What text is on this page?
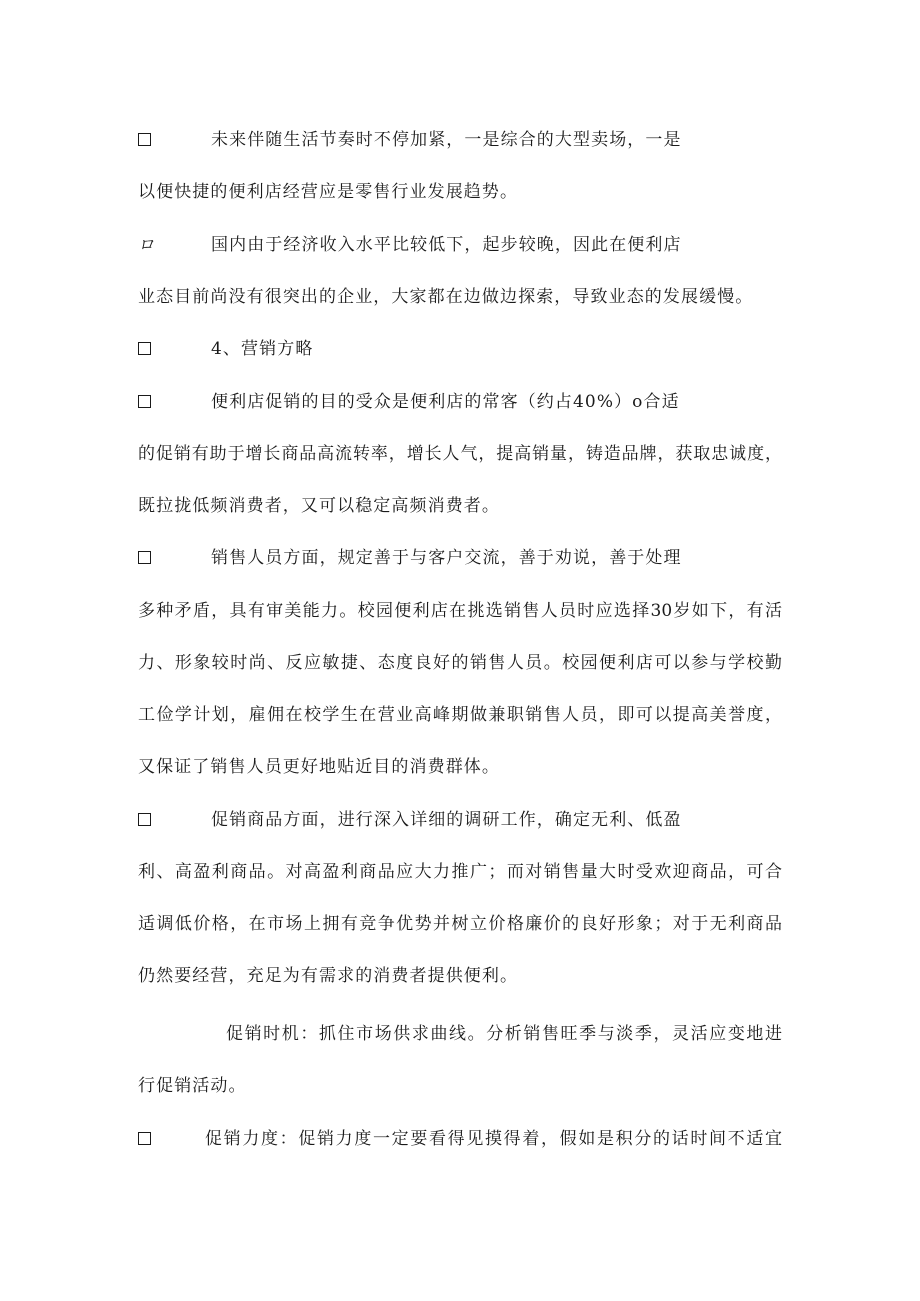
未来伴随生活节奏时不停加紧，一是综合的大型卖场，一是
以便快捷的便利店经营应是零售行业发展趋势。
ロ	国内由于经济收入水平比较低下，起步较晚，因此在便利店
业态目前尚没有很突出的企业，大家都在边做边探索，导致业态的发展缓慢。
4、营销方略
便利店促销的目的受众是便利店的常客（约占40%）o合适
的促销有助于增长商品高流转率，增长人气，提高销量，铸造品牌，获取忠诚度，
既拉拢低频消费者，又可以稳定高频消费者。
销售人员方面，规定善于与客户交流，善于劝说，善于处理
多种矛盾，具有审美能力。校园便利店在挑选销售人员时应选择30岁如下，有活
力、形象较时尚、反应敏捷、态度良好的销售人员。校园便利店可以参与学校勤
工俭学计划，雇佣在校学生在营业高峰期做兼职销售人员，即可以提高美誉度，
又保证了销售人员更好地贴近目的消费群体。
促销商品方面，进行深入详细的调研工作，确定无利、低盈
利、高盈利商品。对高盈利商品应大力推广；而对销售量大时受欢迎商品，可合
适调低价格，在市场上拥有竞争优势并树立价格廉价的良好形象；对于无利商品
仍然要经营，充足为有需求的消费者提供便利。
促销时机：抓住市场供求曲线。分析销售旺季与淡季，灵活应变地进
行促销活动。
促销力度：促销力度一定要看得见摸得着，假如是积分的话时间不适宜
